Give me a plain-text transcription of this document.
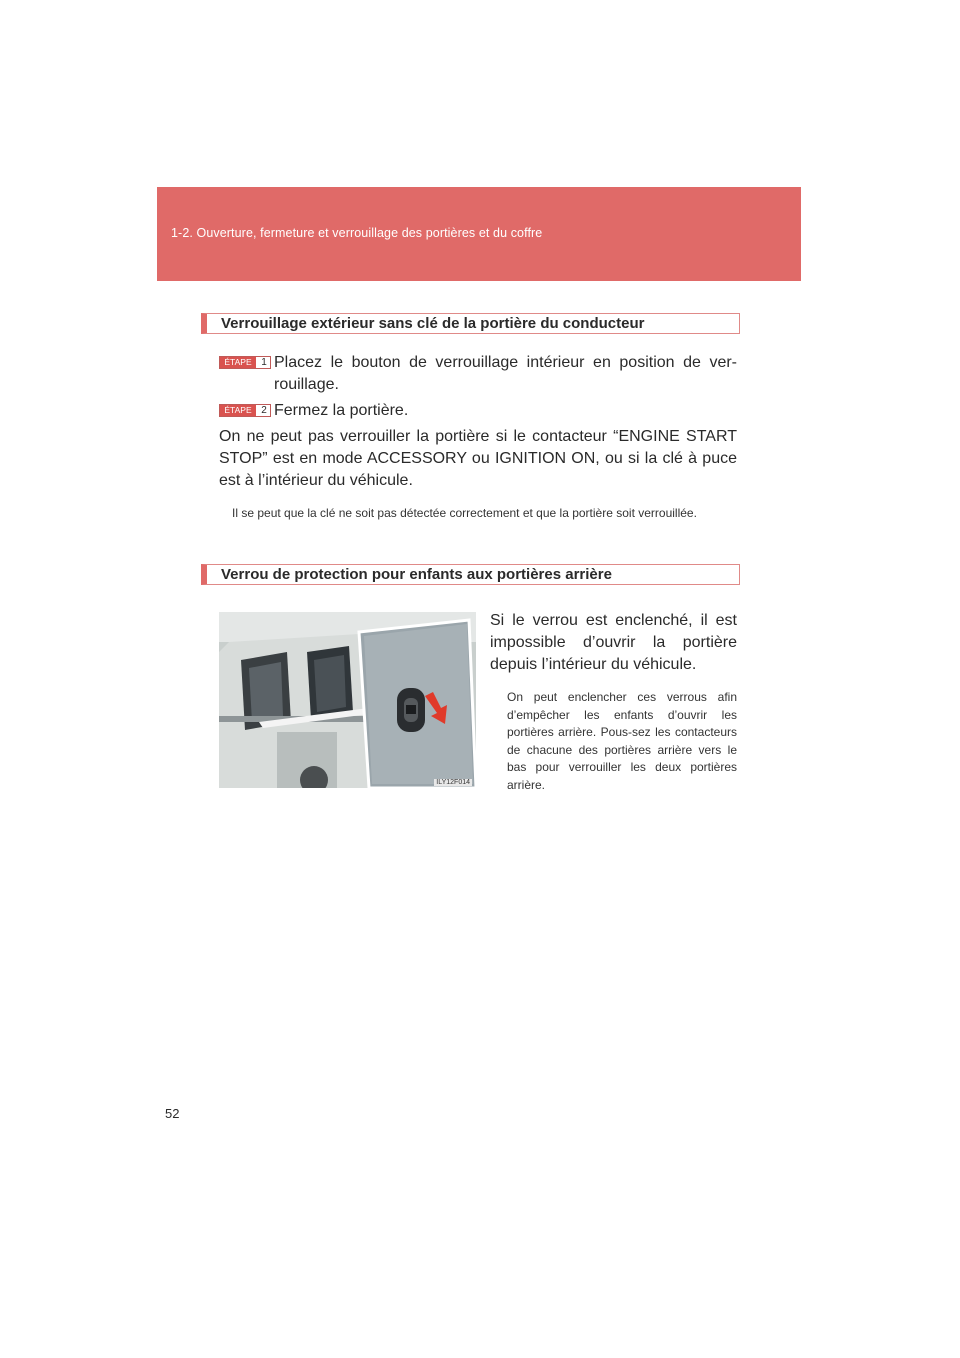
1-2. Ouverture, fermeture et verrouillage des portières et du coffre
Verrouillage extérieur sans clé de la portière du conducteur
ÉTAPE 1 Placez le bouton de verrouillage intérieur en position de ver-rouillage.
ÉTAPE 2 Fermez la portière.
On ne peut pas verrouiller la portière si le contacteur “ENGINE START STOP” est en mode ACCESSORY ou IGNITION ON, ou si la clé à puce est à l’intérieur du véhicule.
Il se peut que la clé ne soit pas détectée correctement et que la portière soit verrouillée.
Verrou de protection pour enfants aux portières arrière
ILY12F014
Si le verrou est enclenché, il est impossible d’ouvrir la portière depuis l’intérieur du véhicule.
On peut enclencher ces verrous afin d’empêcher les enfants d’ouvrir les portières arrière. Pous-sez les contacteurs de chacune des portières arrière vers le bas pour verrouiller les deux portières arrière.
52
